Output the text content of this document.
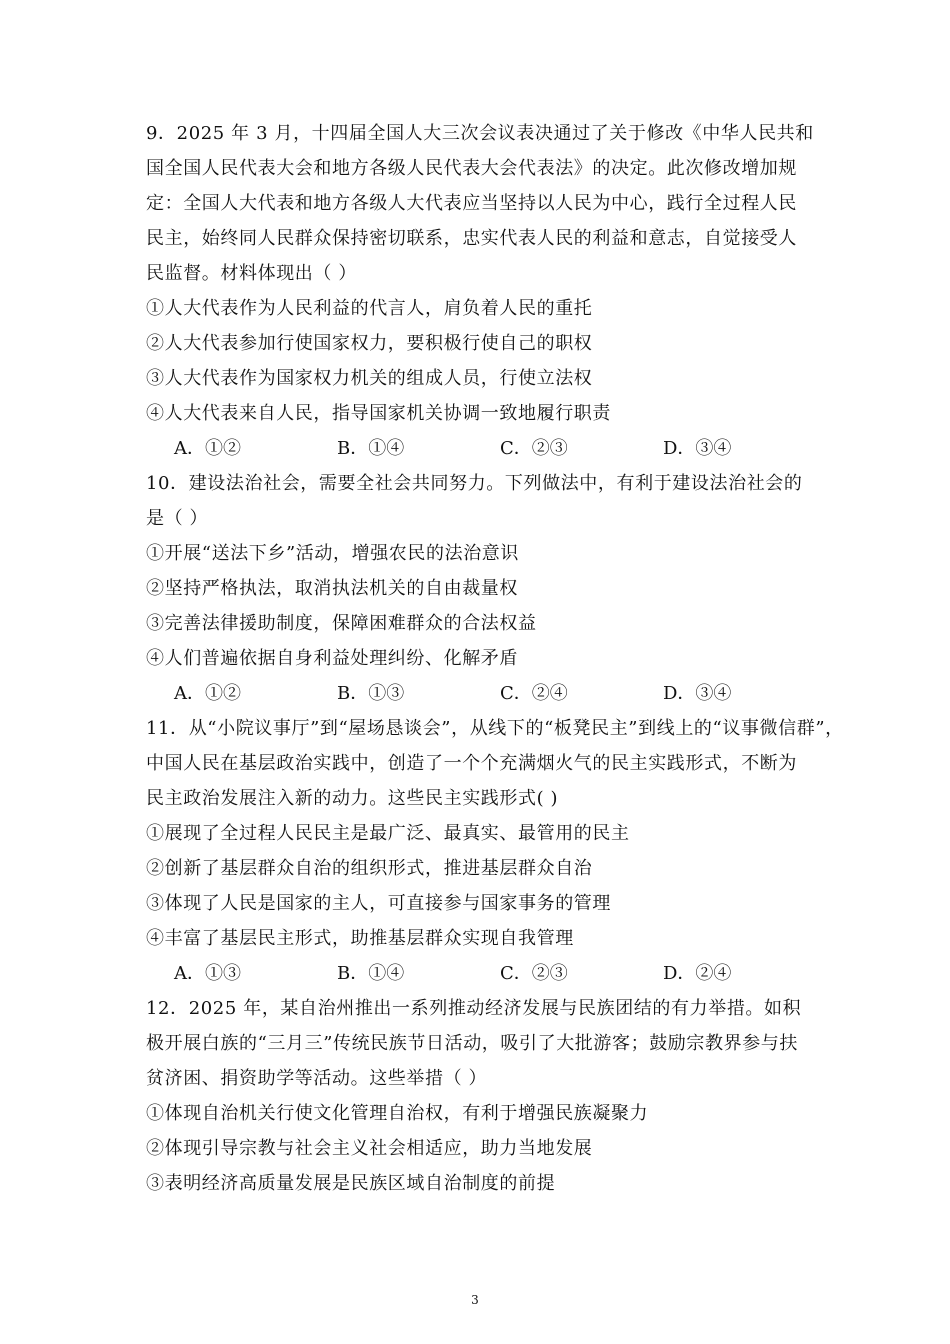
9．2025 年 3 月，十四届全国人大三次会议表决通过了关于修改《中华人民共和
国全国人民代表大会和地方各级人民代表大会代表法》的决定。此次修改增加规
定：全国人大代表和地方各级人大代表应当坚持以人民为中心，践行全过程人民
民主，始终同人民群众保持密切联系，忠实代表人民的利益和意志，自觉接受人
民监督。材料体现出（ ）
①人大代表作为人民利益的代言人，肩负着人民的重托
②人大代表参加行使国家权力，要积极行使自己的职权
③人大代表作为国家权力机关的组成人员，行使立法权
④人大代表来自人民，指导国家机关协调一致地履行职责
A．①②	B．①④	C．②③	D．③④
10．建设法治社会，需要全社会共同努力。下列做法中，有利于建设法治社会的
是（ ）
①开展“送法下乡”活动，增强农民的法治意识
②坚持严格执法，取消执法机关的自由裁量权
③完善法律援助制度，保障困难群众的合法权益
④人们普遍依据自身利益处理纠纷、化解矛盾
A．①②	B．①③	C．②④	D．③④
11．从“小院议事厅”到“屋场恳谈会”，从线下的“板凳民主”到线上的“议事微信群”，
中国人民在基层政治实践中，创造了一个个充满烟火气的民主实践形式，不断为
民主政治发展注入新的动力。这些民主实践形式( )
①展现了全过程人民民主是最广泛、最真实、最管用的民主
②创新了基层群众自治的组织形式，推进基层群众自治
③体现了人民是国家的主人，可直接参与国家事务的管理
④丰富了基层民主形式，助推基层群众实现自我管理
A．①③	B．①④	C．②③	D．②④
12．2025 年，某自治州推出一系列推动经济发展与民族团结的有力举措。如积
极开展白族的“三月三”传统民族节日活动，吸引了大批游客；鼓励宗教界参与扶
贫济困、捐资助学等活动。这些举措（ ）
①体现自治机关行使文化管理自治权，有利于增强民族凝聚力
②体现引导宗教与社会主义社会相适应，助力当地发展
③表明经济高质量发展是民族区域自治制度的前提
3
